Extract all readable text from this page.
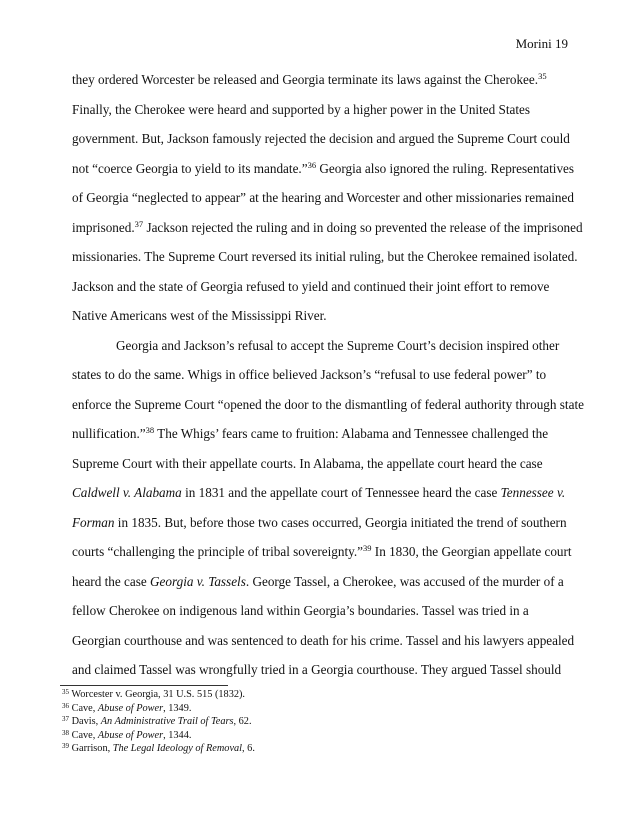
Morini 19
they ordered Worcester be released and Georgia terminate its laws against the Cherokee.$^{35}$
Finally, the Cherokee were heard and supported by a higher power in the United States
government. But, Jackson famously rejected the decision and argued the Supreme Court could
not “coerce Georgia to yield to its mandate.”$^{36}$ Georgia also ignored the ruling. Representatives
of Georgia “neglected to appear” at the hearing and Worcester and other missionaries remained
imprisoned.$^{37}$ Jackson rejected the ruling and in doing so prevented the release of the imprisoned
missionaries. The Supreme Court reversed its initial ruling, but the Cherokee remained isolated.
Jackson and the state of Georgia refused to yield and continued their joint effort to remove
Native Americans west of the Mississippi River.
Georgia and Jackson’s refusal to accept the Supreme Court’s decision inspired other
states to do the same. Whigs in office believed Jackson’s “refusal to use federal power” to
enforce the Supreme Court “opened the door to the dismantling of federal authority through state
nullification.”$^{38}$ The Whigs’ fears came to fruition: Alabama and Tennessee challenged the
Supreme Court with their appellate courts. In Alabama, the appellate court heard the case
Caldwell v. Alabama in 1831 and the appellate court of Tennessee heard the case Tennessee v.
Forman in 1835. But, before those two cases occurred, Georgia initiated the trend of southern
courts “challenging the principle of tribal sovereignty.”$^{39}$ In 1830, the Georgian appellate court
heard the case Georgia v. Tassels. George Tassel, a Cherokee, was accused of the murder of a
fellow Cherokee on indigenous land within Georgia’s boundaries. Tassel was tried in a
Georgian courthouse and was sentenced to death for his crime. Tassel and his lawyers appealed
and claimed Tassel was wrongfully tried in a Georgia courthouse. They argued Tassel should
$^{35}$ Worcester v. Georgia, 31 U.S. 515 (1832).
$^{36}$ Cave, Abuse of Power, 1349.
$^{37}$ Davis, An Administrative Trail of Tears, 62.
$^{38}$ Cave, Abuse of Power, 1344.
$^{39}$ Garrison, The Legal Ideology of Removal, 6.
